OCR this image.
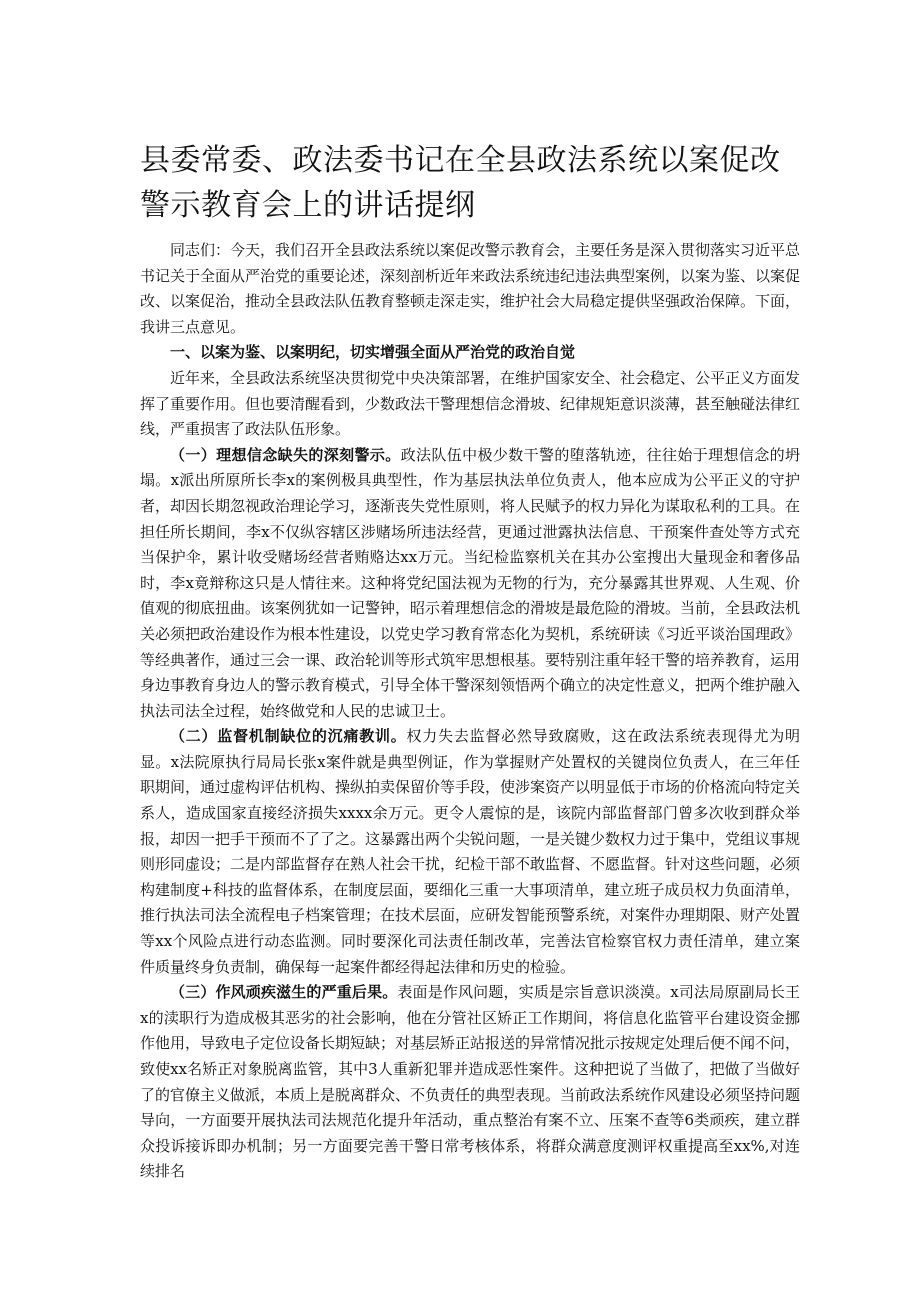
县委常委、政法委书记在全县政法系统以案促改警示教育会上的讲话提纲

同志们：今天，我们召开全县政法系统以案促改警示教育会，主要任务是深入贯彻落实习近平总书记关于全面从严治党的重要论述，深刻剖析近年来政法系统违纪违法典型案例，以案为鉴、以案促改、以案促治，推动全县政法队伍教育整顿走深走实，维护社会大局稳定提供坚强政治保障。下面，我讲三点意见。

一、以案为鉴、以案明纪，切实增强全面从严治党的政治自觉

近年来，全县政法系统坚决贯彻党中央决策部署，在维护国家安全、社会稳定、公平正义方面发挥了重要作用。但也要清醒看到，少数政法干警理想信念滑坡、纪律规矩意识淡薄，甚至触碰法律红线，严重损害了政法队伍形象。

（一）理想信念缺失的深刻警示。政法队伍中极少数干警的堕落轨迹，往往始于理想信念的坍塌。x派出所原所长李x的案例极具典型性，作为基层执法单位负责人，他本应成为公平正义的守护者，却因长期忽视政治理论学习，逐渐丧失党性原则，将人民赋予的权力异化为谋取私利的工具。在担任所长期间，李x不仅纵容辖区涉赌场所违法经营，更通过泄露执法信息、干预案件查处等方式充当保护伞，累计收受赌场经营者贿赂达xx万元。当纪检监察机关在其办公室搜出大量现金和奢侈品时，李x竟辩称这只是人情往来。这种将党纪国法视为无物的行为，充分暴露其世界观、人生观、价值观的彻底扭曲。该案例犹如一记警钟，昭示着理想信念的滑坡是最危险的滑坡。当前，全县政法机关必须把政治建设作为根本性建设，以党史学习教育常态化为契机，系统研读《习近平谈治国理政》等经典著作，通过三会一课、政治轮训等形式筑牢思想根基。要特别注重年轻干警的培养教育，运用身边事教育身边人的警示教育模式，引导全体干警深刻领悟两个确立的决定性意义，把两个维护融入执法司法全过程，始终做党和人民的忠诚卫士。

（二）监督机制缺位的沉痛教训。权力失去监督必然导致腐败，这在政法系统表现得尤为明显。x法院原执行局局长张x案件就是典型例证，作为掌握财产处置权的关键岗位负责人，在三年任职期间，通过虚构评估机构、操纵拍卖保留价等手段，使涉案资产以明显低于市场的价格流向特定关系人，造成国家直接经济损失xxxx余万元。更令人震惊的是，该院内部监督部门曾多次收到群众举报，却因一把手干预而不了了之。这暴露出两个尖锐问题，一是关键少数权力过于集中，党组议事规则形同虚设；二是内部监督存在熟人社会干扰，纪检干部不敢监督、不愿监督。针对这些问题，必须构建制度+科技的监督体系，在制度层面，要细化三重一大事项清单，建立班子成员权力负面清单，推行执法司法全流程电子档案管理；在技术层面，应研发智能预警系统，对案件办理期限、财产处置等xx个风险点进行动态监测。同时要深化司法责任制改革，完善法官检察官权力责任清单，建立案件质量终身负责制，确保每一起案件都经得起法律和历史的检验。

（三）作风顽疾滋生的严重后果。表面是作风问题，实质是宗旨意识淡漠。x司法局原副局长王x的渎职行为造成极其恶劣的社会影响，他在分管社区矫正工作期间，将信息化监管平台建设资金挪作他用，导致电子定位设备长期短缺；对基层矫正站报送的异常情况批示按规定处理后便不闻不问，致使xx名矫正对象脱离监管，其中3人重新犯罪并造成恶性案件。这种把说了当做了，把做了当做好了的官僚主义做派，本质上是脱离群众、不负责任的典型表现。当前政法系统作风建设必须坚持问题导向，一方面要开展执法司法规范化提升年活动，重点整治有案不立、压案不查等6类顽疾，建立群众投诉接诉即办机制；另一方面要完善干警日常考核体系，将群众满意度测评权重提高至xx%,对连续排名
